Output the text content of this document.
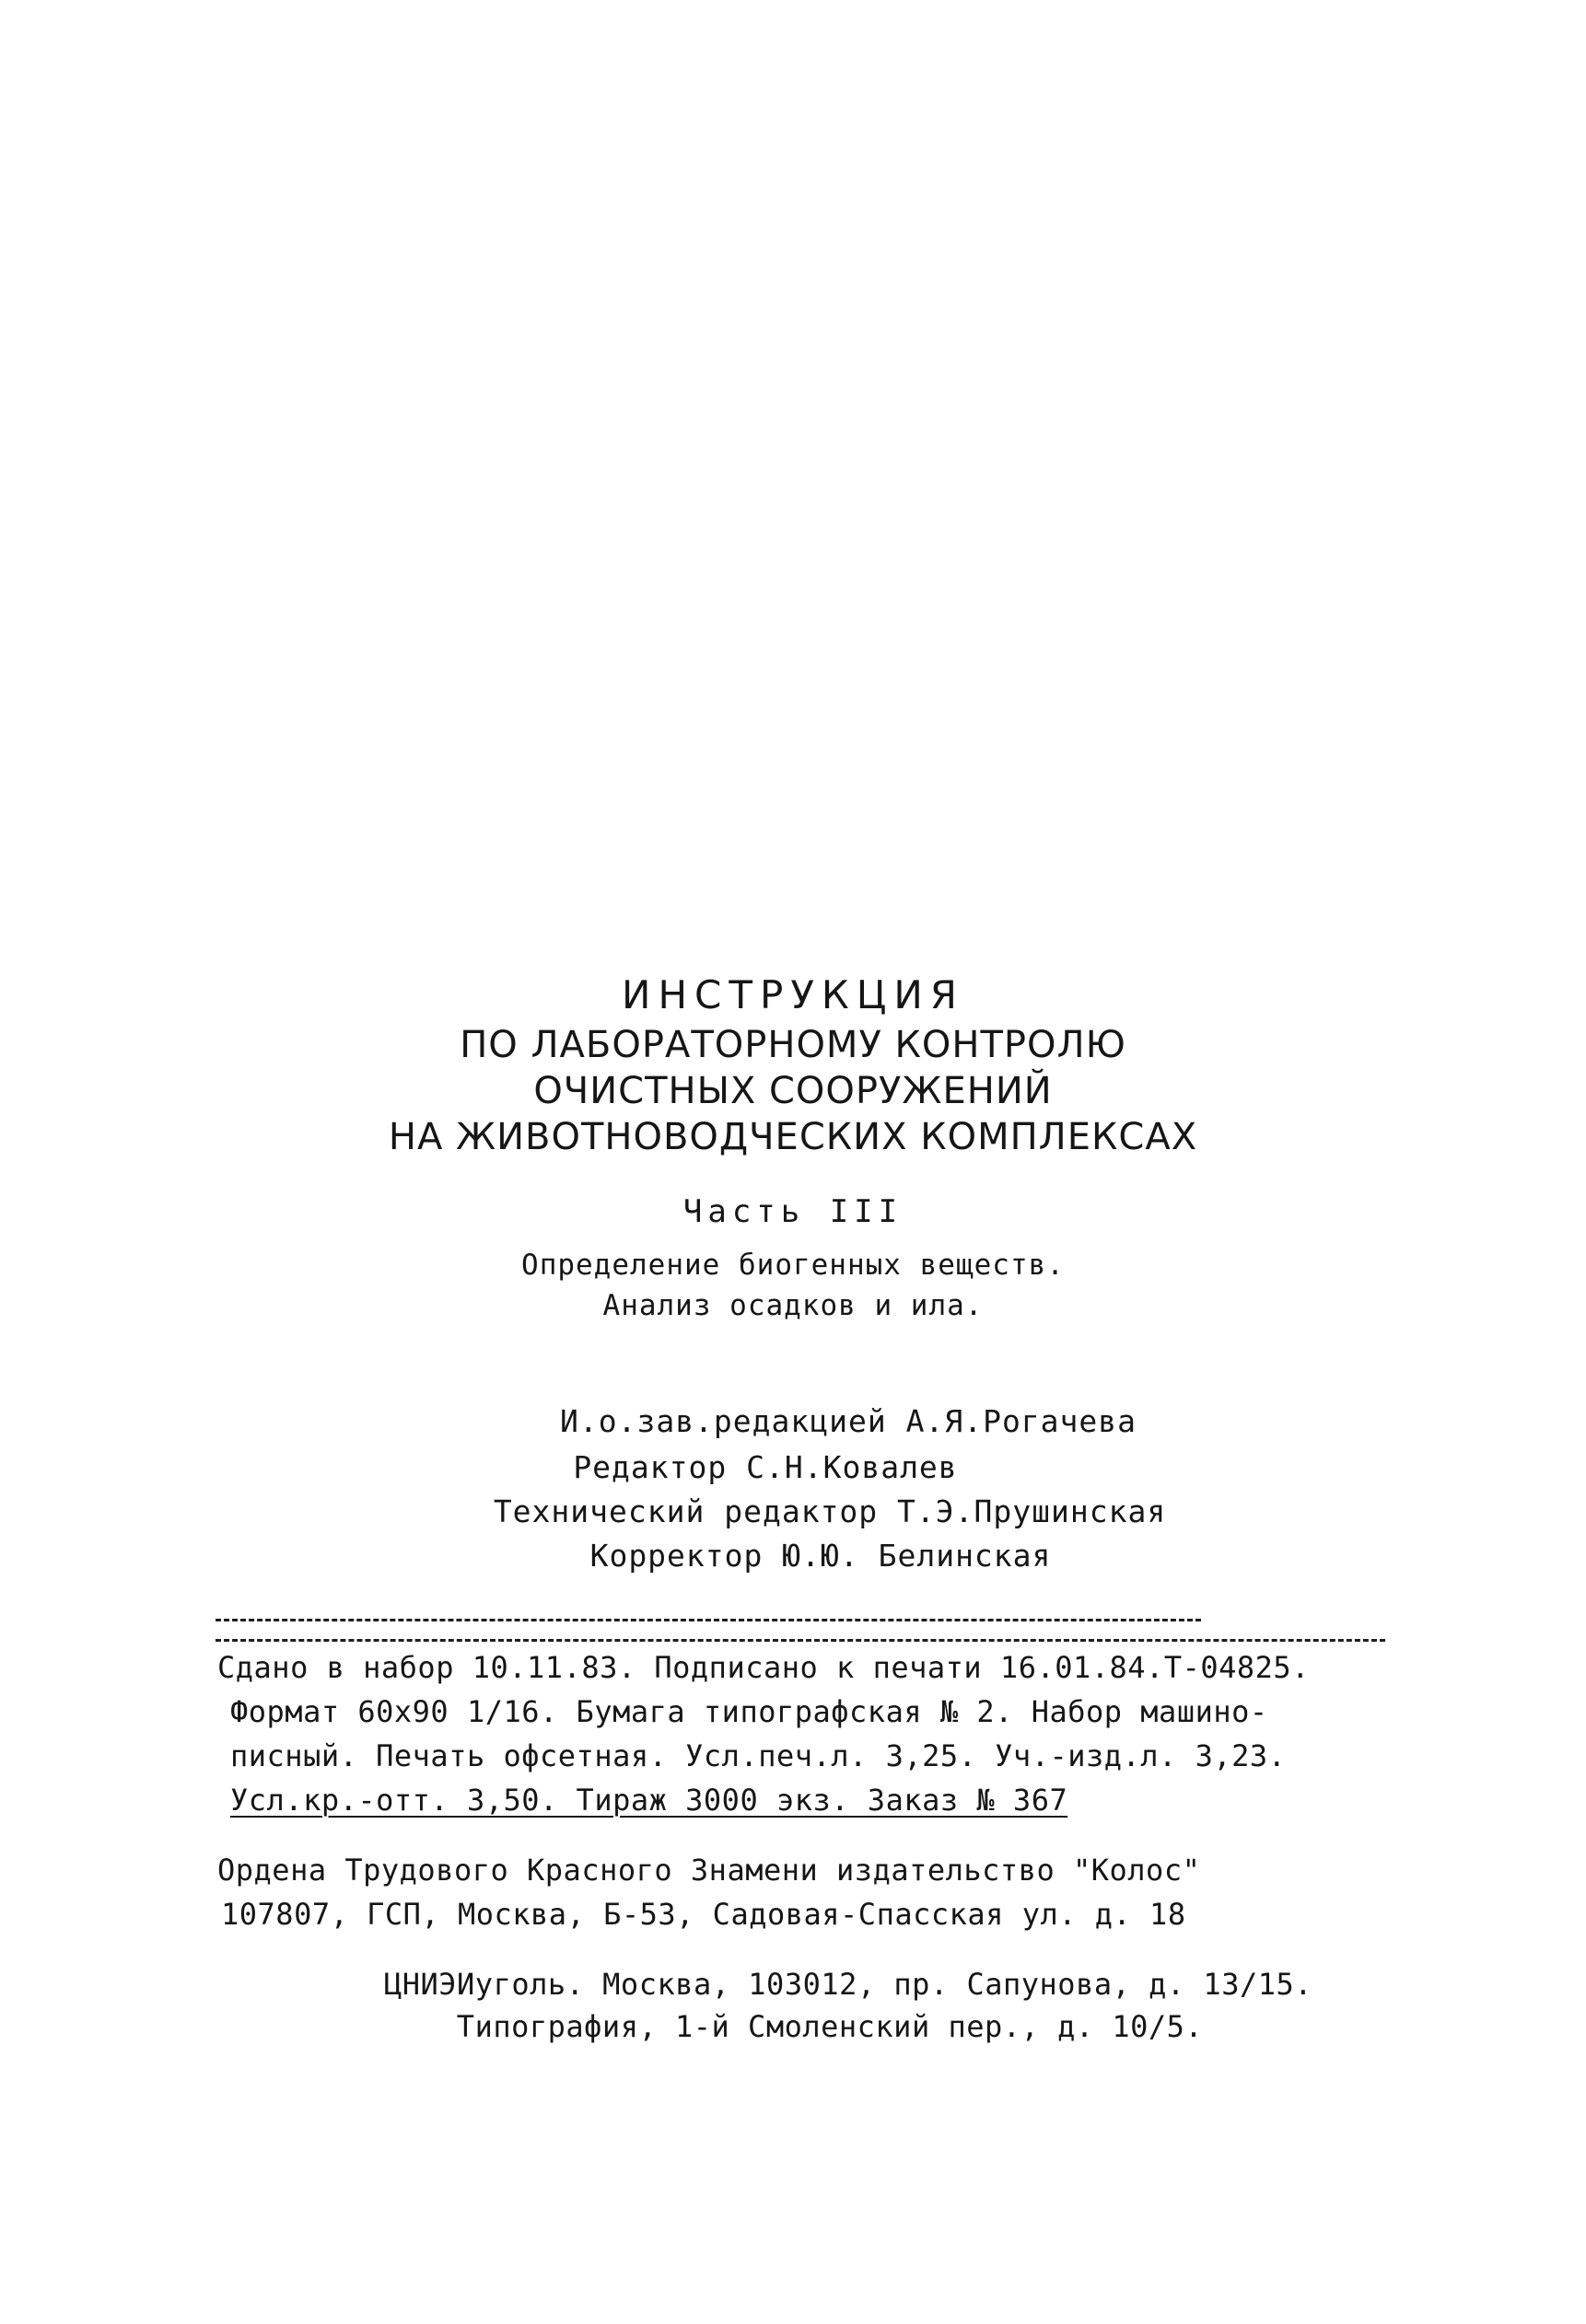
ИНСТРУКЦИЯ
ПО ЛАБОРАТОРНОМУ КОНТРОЛЮ
ОЧИСТНЫХ СООРУЖЕНИЙ
НА ЖИВОТНОВОДЧЕСКИХ КОМПЛЕКСАХ
Часть III
Определение биогенных веществ.
Анализ осадков и ила.
И.о.зав.редакцией А.Я.Рогачева
Редактор С.Н.Ковалев
Технический редактор Т.Э.Прушинская
Корректор Ю.Ю. Белинская
Сдано в набор 10.11.83. Подписано к печати 16.01.84.Т-04825.
Формат 60х90 1/16. Бумага типографская № 2. Набор машино-
писный. Печать офсетная. Усл.печ.л. 3,25. Уч.-изд.л. 3,23.
Усл.кр.-отт. 3,50. Тираж 3000 экз. Заказ № 367
Ордена Трудового Красного Знамени издательство "Колос"
107807, ГСП, Москва, Б-53, Садовая-Спасская ул. д. 18
ЦНИЭИуголь. Москва, 103012, пр. Сапунова, д. 13/15.
Типография, 1-й Смоленский пер., д. 10/5.
